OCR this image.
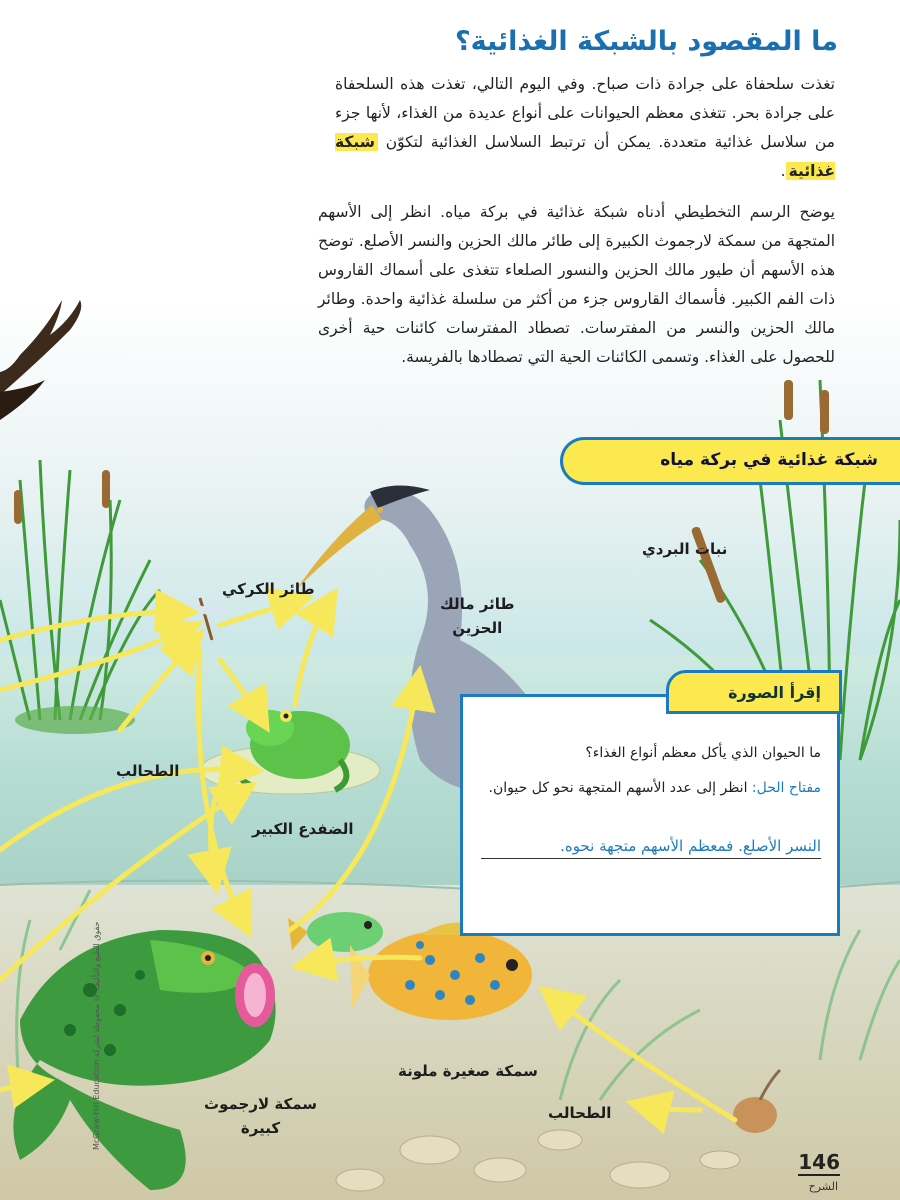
ما المقصود بالشبكة الغذائية؟
تغذت سلحفاة على جرادة ذات صباح. وفي اليوم التالي، تغذت هذه السلحفاة على جرادة بحر. تتغذى معظم الحيوانات على أنواع عديدة من الغذاء، لأنها جزء من سلاسل غذائية متعددة. يمكن أن ترتبط السلاسل الغذائية لتكوّن شبكة غذائية.
يوضح الرسم التخطيطي أدناه شبكة غذائية في بركة مياه. انظر إلى الأسهم المتجهة من سمكة لارجموث الكبيرة إلى طائر مالك الحزين والنسر الأصلع. توضح هذه الأسهم أن طيور مالك الحزين والنسور الصلعاء تتغذى على أسماك القاروس ذات الفم الكبير. فأسماك القاروس جزء من أكثر من سلسلة غذائية واحدة. وطائر مالك الحزين والنسر من المفترسات. تصطاد المفترسات كائنات حية أخرى للحصول على الغذاء. وتسمى الكائنات الحية التي تصطادها بالفريسة.
شبكة غذائية في بركة مياه
طائر الكركي
طائر مالك
الحزين
نبات البردي
الطحالب
الضفدع الكبير
سمكة صغيرة ملونة
سمكة لارجموث
كبيرة
الطحالب
ما الحيوان الذي يأكل معظم أنواع الغذاء؟
مفتاح الحل: انظر إلى عدد الأسهم المتجهة نحو كل حيوان.
النسر الأصلع. فمعظم الأسهم متجهة نحوه.
إقرأ الصورة
McGraw-Hill Education حقوق الطبع والتأليف © محفوظة لشركة
146
الشرح
